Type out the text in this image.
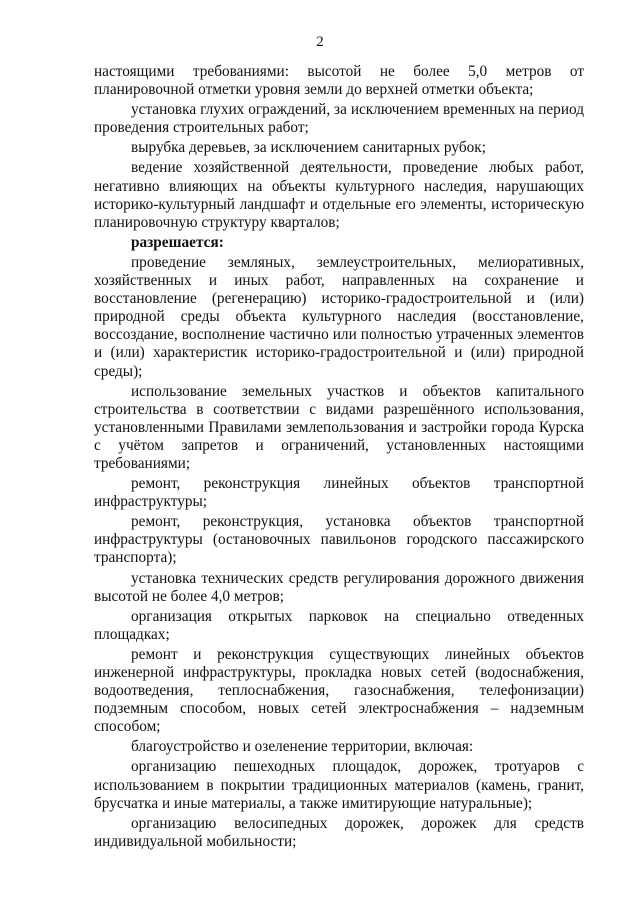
2

настоящими требованиями: высотой не более 5,0 метров от планировочной отметки уровня земли до верхней отметки объекта;

установка глухих ограждений, за исключением временных на период проведения строительных работ;

вырубка деревьев, за исключением санитарных рубок;

ведение хозяйственной деятельности, проведение любых работ, негативно влияющих на объекты культурного наследия, нарушающих историко-культурный ландшафт и отдельные его элементы, историческую планировочную структуру кварталов;

разрешается:

проведение земляных, землеустроительных, мелиоративных, хозяйственных и иных работ, направленных на сохранение и восстановление (регенерацию) историко-градостроительной и (или) природной среды объекта культурного наследия (восстановление, воссоздание, восполнение частично или полностью утраченных элементов и (или) характеристик историко-градостроительной и (или) природной среды);

использование земельных участков и объектов капитального строительства в соответствии с видами разрешённого использования, установленными Правилами землепользования и застройки города Курска с учётом запретов и ограничений, установленных настоящими требованиями;

ремонт, реконструкция линейных объектов транспортной инфраструктуры;

ремонт, реконструкция, установка объектов транспортной инфраструктуры (остановочных павильонов городского пассажирского транспорта);

установка технических средств регулирования дорожного движения высотой не более 4,0 метров;

организация открытых парковок на специально отведенных площадках;

ремонт и реконструкция существующих линейных объектов инженерной инфраструктуры, прокладка новых сетей (водоснабжения, водоотведения, теплоснабжения, газоснабжения, телефонизации) подземным способом, новых сетей электроснабжения – надземным способом;

благоустройство и озеленение территории, включая:

организацию пешеходных площадок, дорожек, тротуаров с использованием в покрытии традиционных материалов (камень, гранит, брусчатка и иные материалы, а также имитирующие натуральные);

организацию велосипедных дорожек, дорожек для средств индивидуальной мобильности;
